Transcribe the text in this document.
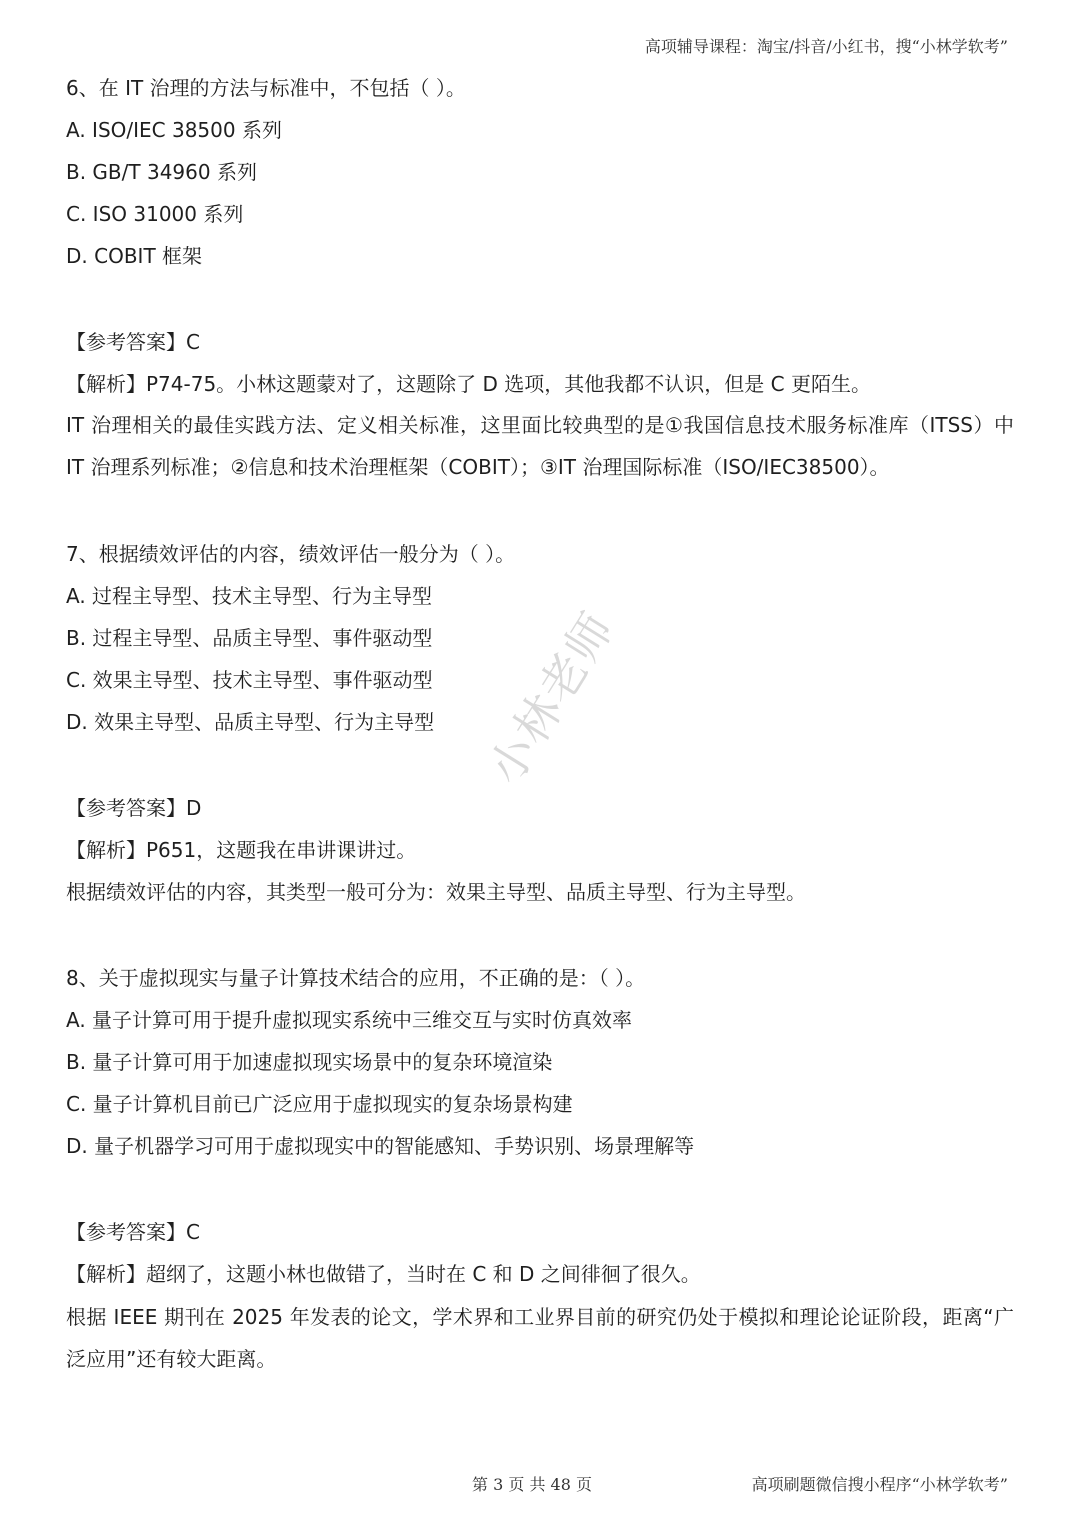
高项辅导课程：淘宝/抖音/小红书，搜“小林学软考”
6、在 IT 治理的方法与标准中，不包括（ ）。
A. ISO/IEC 38500 系列
B. GB/T 34960 系列
C. ISO 31000 系列
D. COBIT 框架
【参考答案】C
【解析】P74-75。小林这题蒙对了，这题除了 D 选项，其他我都不认识，但是 C 更陌生。
IT 治理相关的最佳实践方法、定义相关标准，这里面比较典型的是①我国信息技术服务标准库（ITSS）中 IT 治理系列标准；②信息和技术治理框架（COBIT）；③IT 治理国际标准（ISO/IEC38500）。
7、根据绩效评估的内容，绩效评估一般分为（ ）。
A. 过程主导型、技术主导型、行为主导型
B. 过程主导型、品质主导型、事件驱动型
C. 效果主导型、技术主导型、事件驱动型
D. 效果主导型、品质主导型、行为主导型
【参考答案】D
【解析】P651，这题我在串讲课讲过。
根据绩效评估的内容，其类型一般可分为：效果主导型、品质主导型、行为主导型。
8、关于虚拟现实与量子计算技术结合的应用，不正确的是：（ ）。
A. 量子计算可用于提升虚拟现实系统中三维交互与实时仿真效率
B. 量子计算可用于加速虚拟现实场景中的复杂环境渲染
C. 量子计算机目前已广泛应用于虚拟现实的复杂场景构建
D. 量子机器学习可用于虚拟现实中的智能感知、手势识别、场景理解等
【参考答案】C
【解析】超纲了，这题小林也做错了，当时在 C 和 D 之间徘徊了很久。
根据 IEEE 期刊在 2025 年发表的论文，学术界和工业界目前的研究仍处于模拟和理论论证阶段，距离“广泛应用”还有较大距离。
小林老师
第 3 页 共 48 页	高项刷题微信搜小程序“小林学软考”
